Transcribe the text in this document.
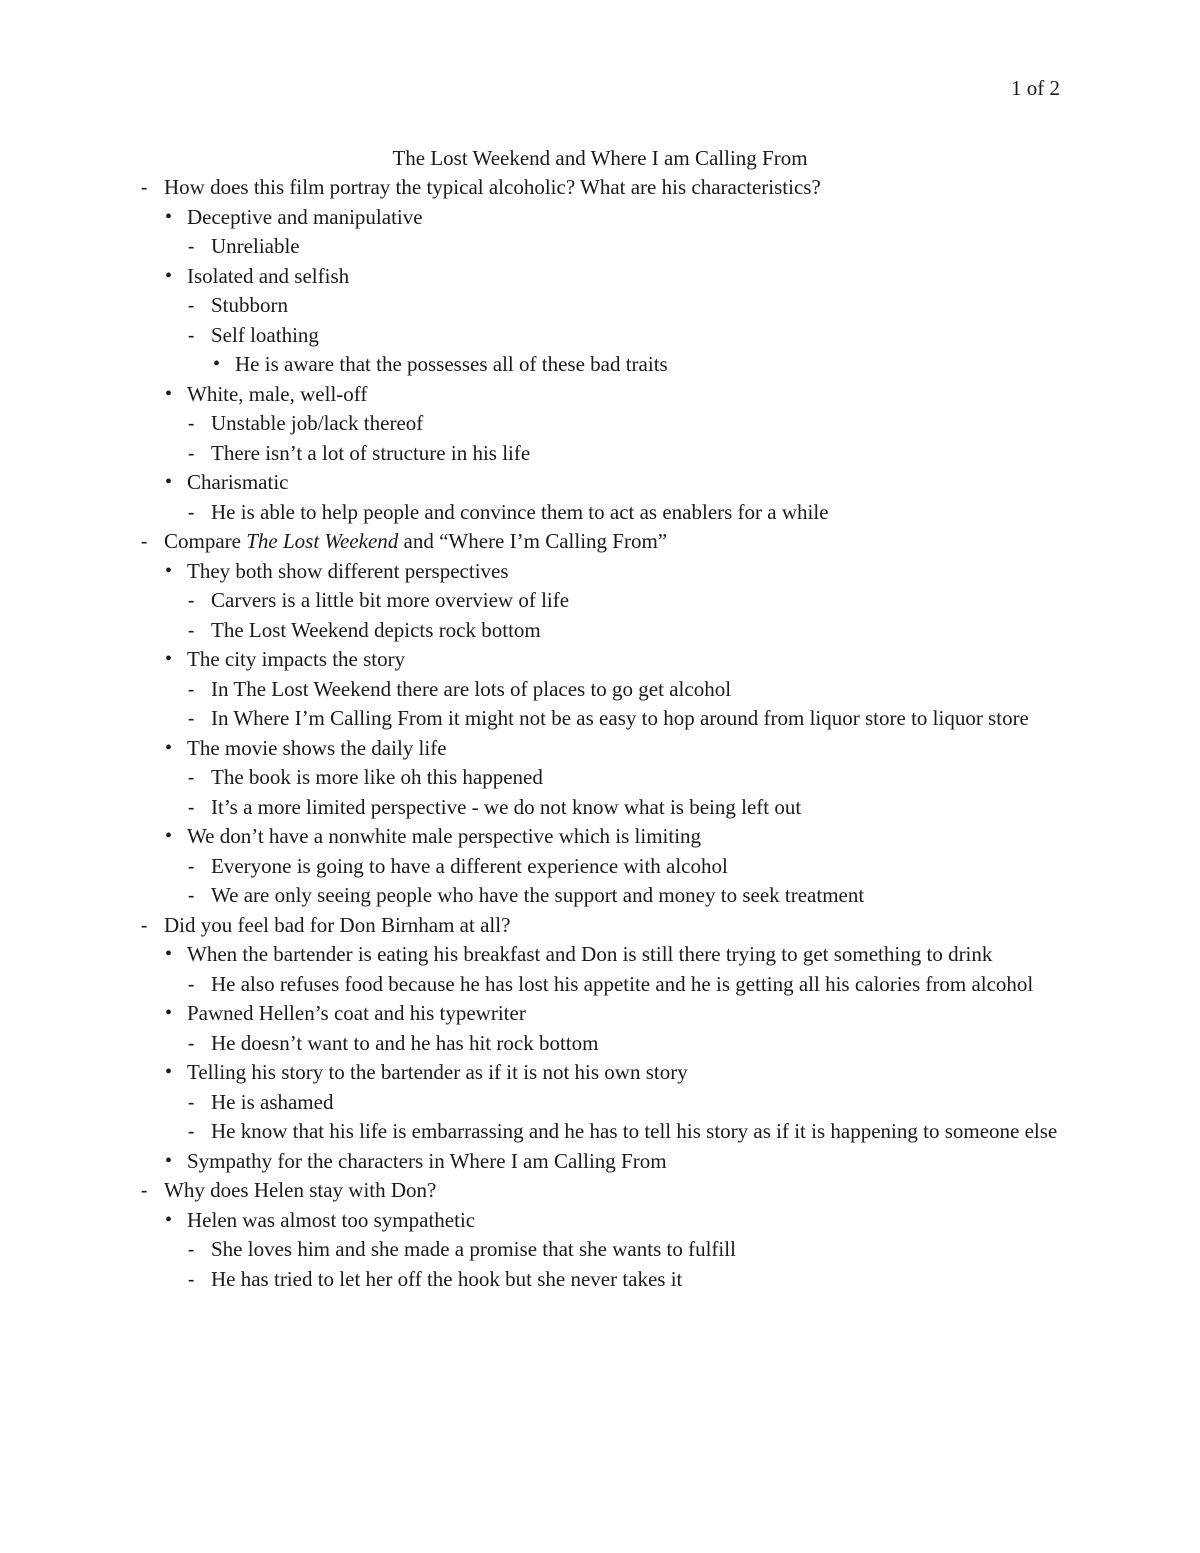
1 of 2
The Lost Weekend and Where I am Calling From
-
How does this film portray the typical alcoholic? What are his characteristics?
•
Deceptive and manipulative
-
Unreliable
•
Isolated and selfish
-
Stubborn
-
Self loathing
•
He is aware that the possesses all of these bad traits
•
White, male, well-off
-
Unstable job/lack thereof
-
There isn’t a lot of structure in his life
•
Charismatic
-
He is able to help people and convince them to act as enablers for a while
-
Compare The Lost Weekend and “Where I’m Calling From”
•
They both show different perspectives
-
Carvers is a little bit more overview of life
-
The Lost Weekend depicts rock bottom
•
The city impacts the story
-
In The Lost Weekend there are lots of places to go get alcohol
-
In Where I’m Calling From it might not be as easy to hop around from liquor store to liquor store
•
The movie shows the daily life
-
The book is more like oh this happened
-
It’s a more limited perspective - we do not know what is being left out
•
We don’t have a nonwhite male perspective which is limiting
-
Everyone is going to have a different experience with alcohol
-
We are only seeing people who have the support and money to seek treatment
-
Did you feel bad for Don Birnham at all?
•
When the bartender is eating his breakfast and Don is still there trying to get something to drink
-
He also refuses food because he has lost his appetite and he is getting all his calories from alcohol
•
Pawned Hellen’s coat and his typewriter
-
He doesn’t want to and he has hit rock bottom
•
Telling his story to the bartender as if it is not his own story
-
He is ashamed
-
He know that his life is embarrassing and he has to tell his story as if it is happening to someone else
•
Sympathy for the characters in Where I am Calling From
-
Why does Helen stay with Don?
•
Helen was almost too sympathetic
-
She loves him and she made a promise that she wants to fulfill
-
He has tried to let her off the hook but she never takes it
